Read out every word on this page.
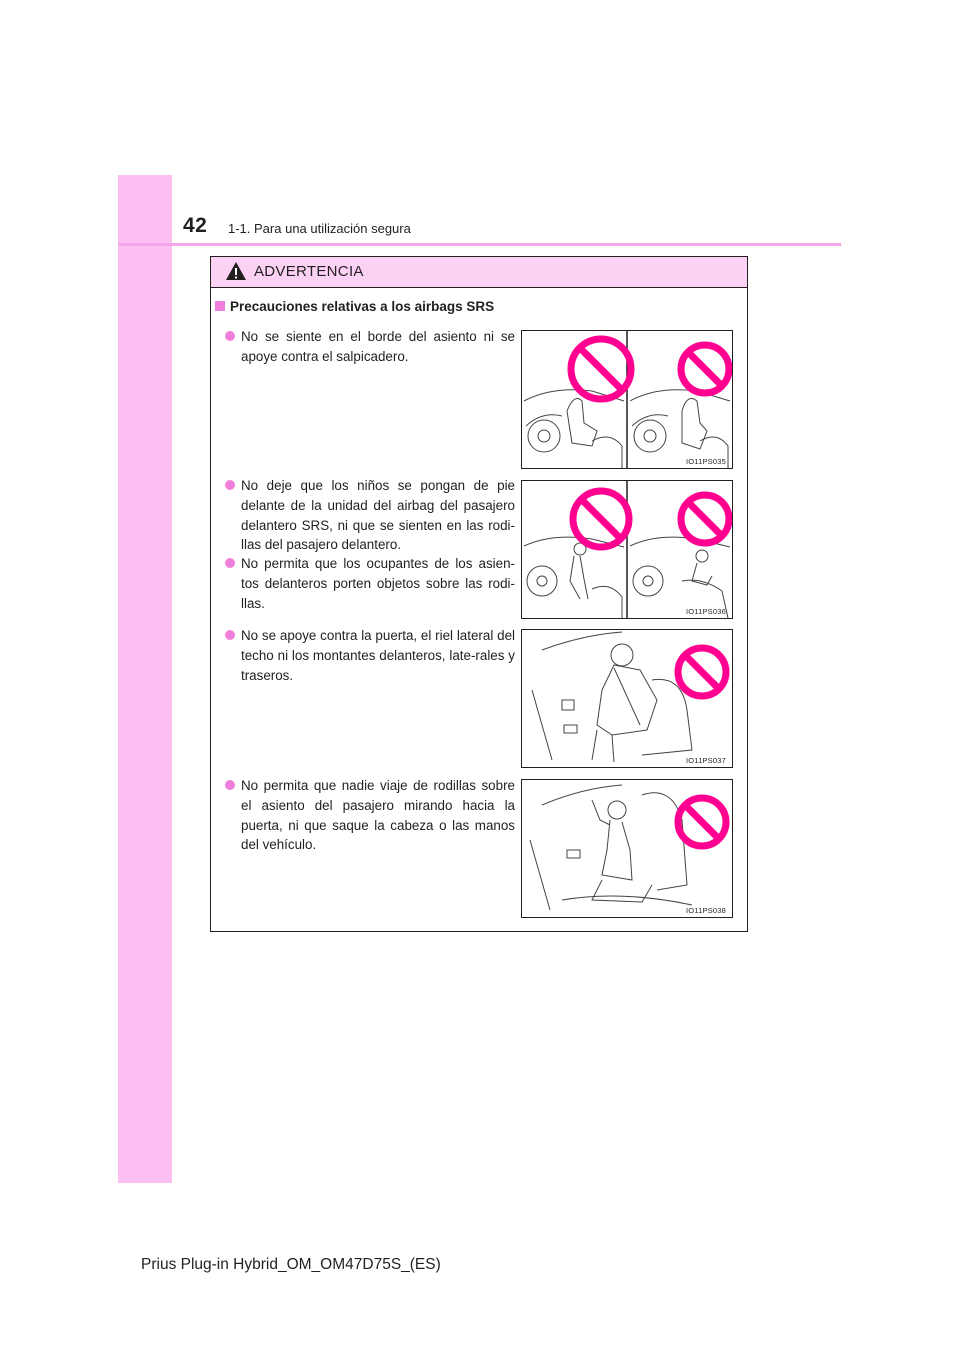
42 1-1. Para una utilización segura
ADVERTENCIA
Precauciones relativas a los airbags SRS
No se siente en el borde del asiento ni se apoye contra el salpicadero.
No deje que los niños se pongan de pie delante de la unidad del airbag del pasajero delantero SRS, ni que se sienten en las rodi-llas del pasajero delantero.
No permita que los ocupantes de los asien-tos delanteros porten objetos sobre las rodi-llas.
No se apoye contra la puerta, el riel lateral del techo ni los montantes delanteros, late-rales y traseros.
No permita que nadie viaje de rodillas sobre el asiento del pasajero mirando hacia la puerta, ni que saque la cabeza o las manos del vehículo.
IO11PS035
IO11PS036
IO11PS037
IO11PS038
Prius Plug-in Hybrid_OM_OM47D75S_(ES)
